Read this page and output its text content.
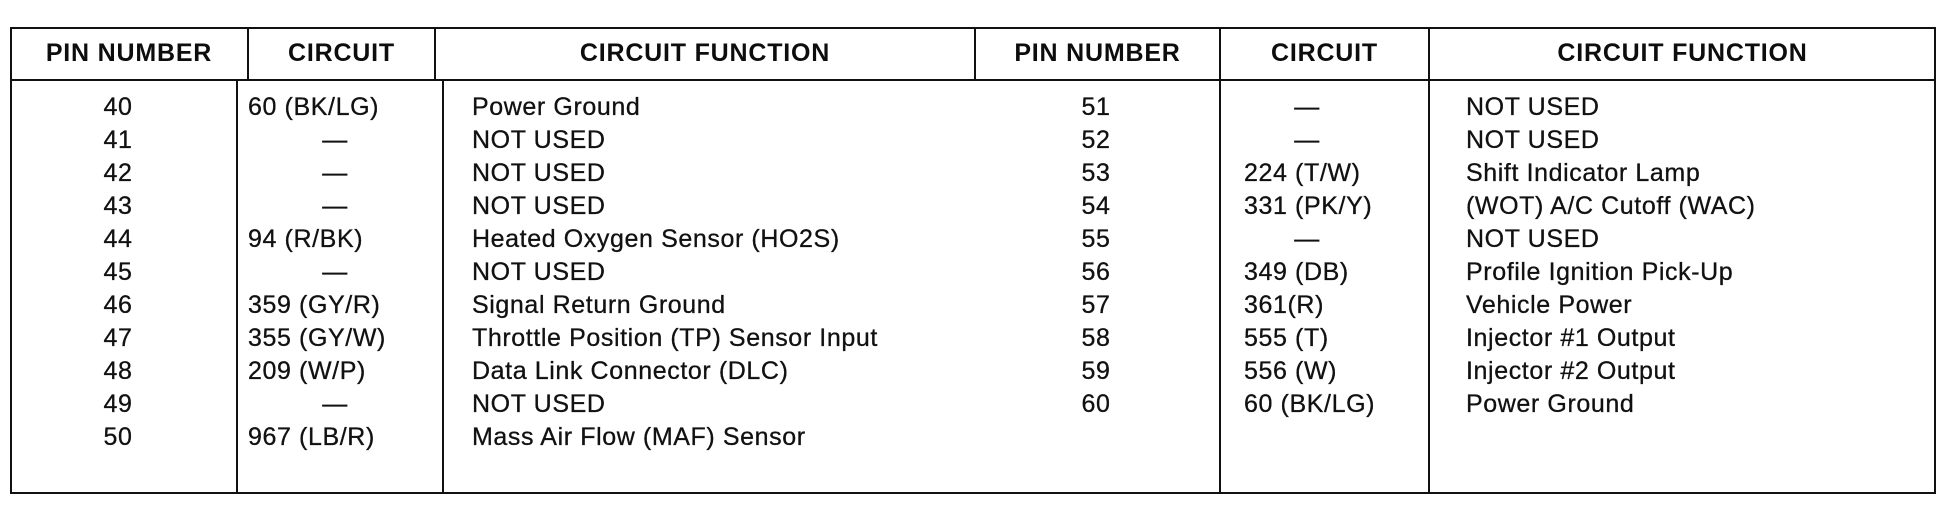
PIN NUMBER	CIRCUIT	CIRCUIT FUNCTION	PIN NUMBER	CIRCUIT	CIRCUIT FUNCTION
40	60 (BK/LG)	Power Ground
41	—	NOT USED
42	—	NOT USED
43	—	NOT USED
44	94 (R/BK)	Heated Oxygen Sensor (HO2S)
45	—	NOT USED
46	359 (GY/R)	Signal Return Ground
47	355 (GY/W)	Throttle Position (TP) Sensor Input
48	209 (W/P)	Data Link Connector (DLC)
49	—	NOT USED
50	967 (LB/R)	Mass Air Flow (MAF) Sensor
51	—	NOT USED
52	—	NOT USED
53	224 (T/W)	Shift Indicator Lamp
54	331 (PK/Y)	(WOT) A/C Cutoff (WAC)
55	—	NOT USED
56	349 (DB)	Profile Ignition Pick-Up
57	361(R)	Vehicle Power
58	555 (T)	Injector #1 Output
59	556 (W)	Injector #2 Output
60	60 (BK/LG)	Power Ground
